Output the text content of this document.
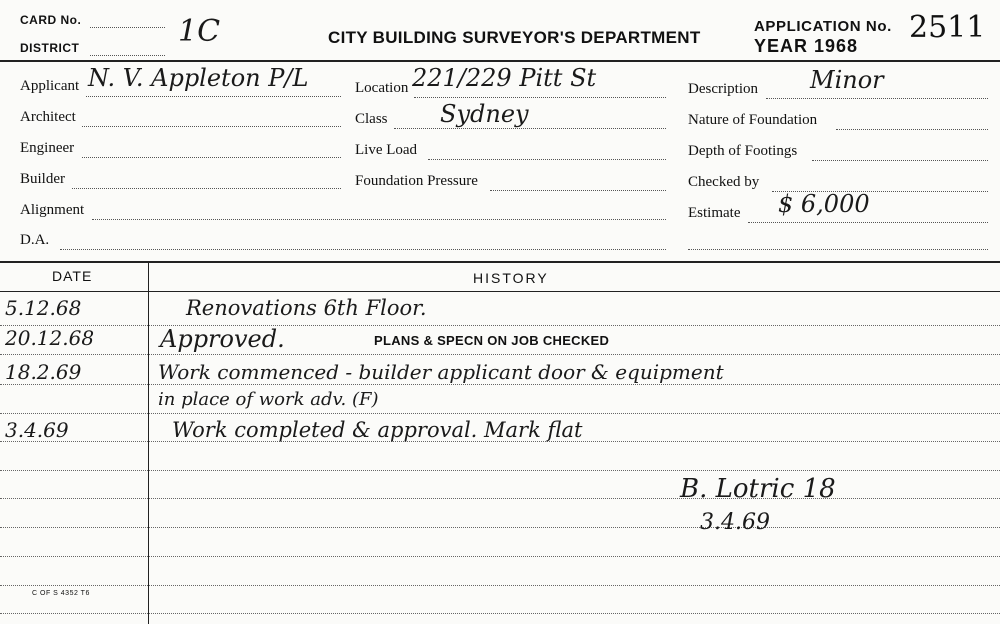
CARD No.
DISTRICT	1C	CITY BUILDING SURVEYOR'S DEPARTMENT
APPLICATION No. 2511
YEAR 1968
Applicant N. V. Appleton P/L
Architect
Engineer
Builder
Alignment
D.A.
Location 221/229 Pitt St
Class Sydney
Live Load
Foundation Pressure
Description Minor
Nature of Foundation
Depth of Footings
Checked by
Estimate $ 6,000
DATE	HISTORY
5.12.68	Renovations 6th Floor.
20.12.68	Approved.	PLANS & SPECN ON JOB CHECKED
18.2.69	Work commenced - builder applicant door & equipment
in place of work adv. (F)
3.4.69	Work completed & approval. Mark flat
B. Lotric 18
3.4.69
C OF S 4352 T6
